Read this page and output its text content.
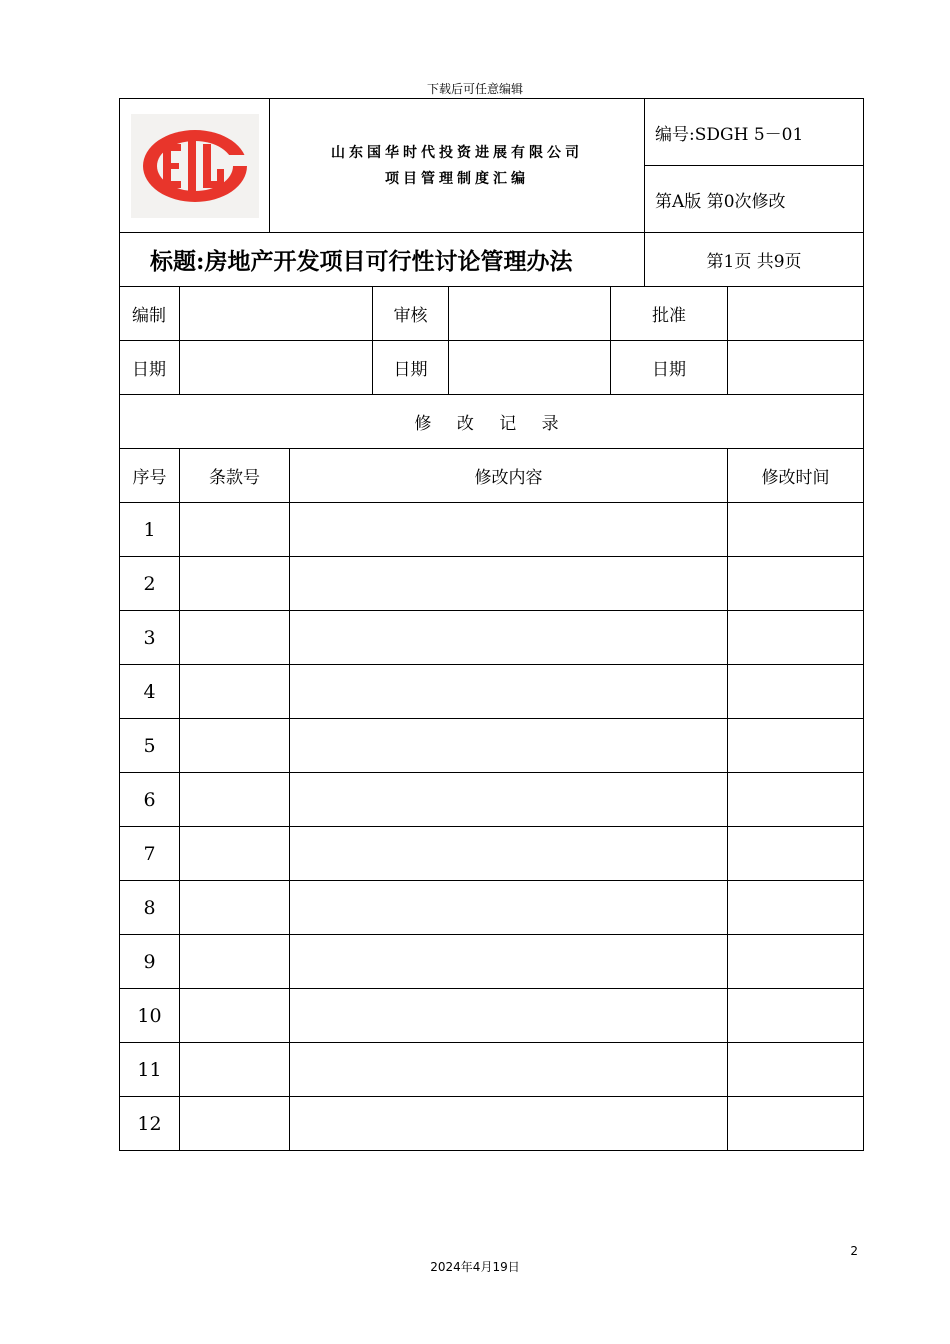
下载后可任意编辑

山东国华时代投资进展有限公司
项目管理制度汇编					编号:SDGH 5－01	
							第A版 第0次修改	
标题:房地产开发项目可行性讨论管理办法							第1页 共9页	
编制				审核		批准		
日期				日期		日期		
修 改 记 录								
序号	条款号		修改内容					修改时间
1								
2								
3								
4								
5								
6								
7								
8								
9								
10								
11								
12								
2
2024年4月19日
